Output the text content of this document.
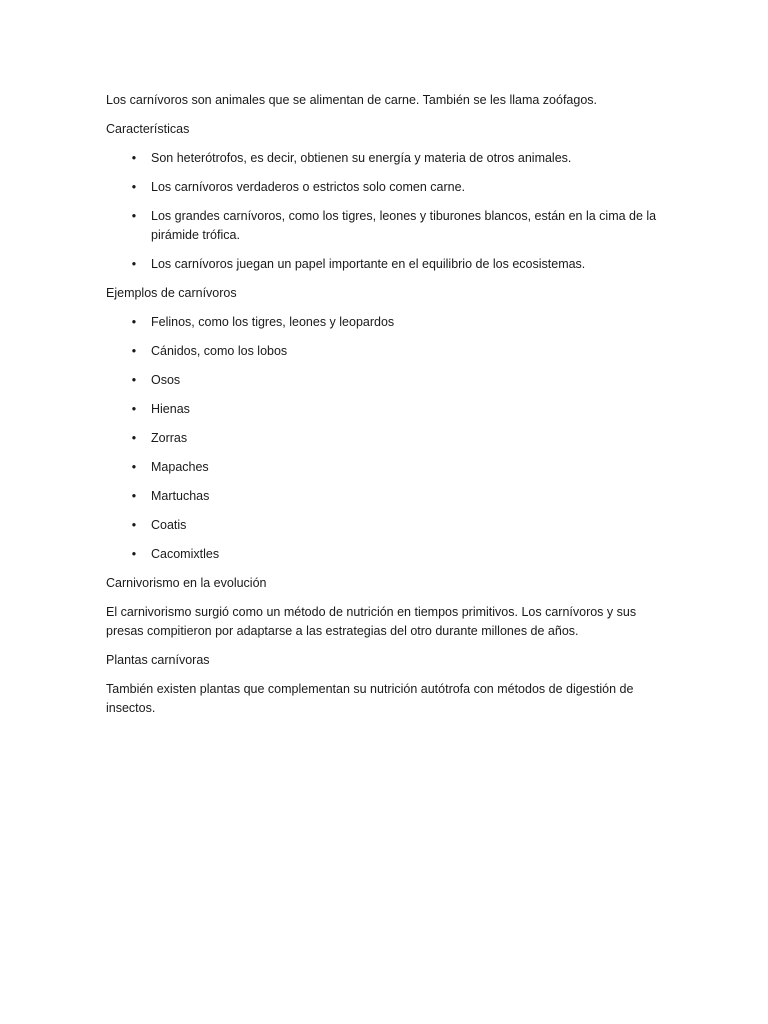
Los carnívoros son animales que se alimentan de carne. También se les llama zoófagos.

Características

• Son heterótrofos, es decir, obtienen su energía y materia de otros animales.
• Los carnívoros verdaderos o estrictos solo comen carne.
• Los grandes carnívoros, como los tigres, leones y tiburones blancos, están en la cima de la pirámide trófica.
• Los carnívoros juegan un papel importante en el equilibrio de los ecosistemas.

Ejemplos de carnívoros

• Felinos, como los tigres, leones y leopardos
• Cánidos, como los lobos
• Osos
• Hienas
• Zorras
• Mapaches
• Martuchas
• Coatis
• Cacomixtles

Carnivorismo en la evolución

El carnivorismo surgió como un método de nutrición en tiempos primitivos. Los carnívoros y sus presas compitieron por adaptarse a las estrategias del otro durante millones de años.

Plantas carnívoras

También existen plantas que complementan su nutrición autótrofa con métodos de digestión de insectos.
